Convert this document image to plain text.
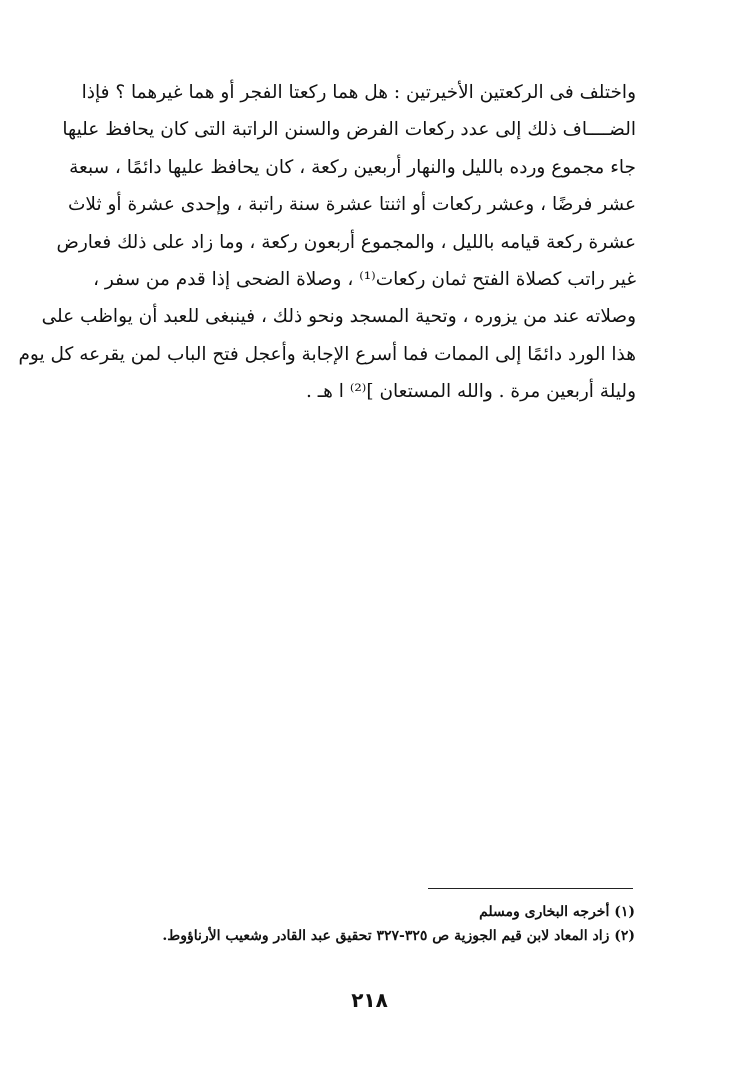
واختلف فى الركعتين الأخيرتين : هل هما ركعتا الفجر أو هما غيرهما ؟ فإذا
الضــــاف ذلك إلى عدد ركعات الفرض والسنن الراتبة التى كان يحافظ عليها
جاء مجموع ورده بالليل والنهار أربعين ركعة ، كان يحافظ عليها دائمًا ، سبعة
عشر فرضًا ، وعشر ركعات أو اثنتا عشرة سنة راتبة ، وإحدى عشرة أو ثلاث
عشرة ركعة قيامه بالليل ، والمجموع أربعون ركعة ، وما زاد على ذلك فعارض
غير راتب كصلاة الفتح ثمان ركعات⁽¹⁾ ، وصلاة الضحى إذا قدم من سفر ،
وصلاته عند من يزوره ، وتحية المسجد ونحو ذلك ، فينبغى للعبد أن يواظب على
هذا الورد دائمًا إلى الممات فما أسرع الإجابة وأعجل فتح الباب لمن يقرعه كل يوم
وليلة أربعين مرة . والله المستعان ]⁽²⁾ ا هـ .
(١) أخرجه البخارى ومسلم
(٢) زاد المعاد لابن قيم الجوزية ص ٣٢٥-٣٢٧ تحقيق عبد القادر وشعيب الأرناؤوط.
٢١٨
